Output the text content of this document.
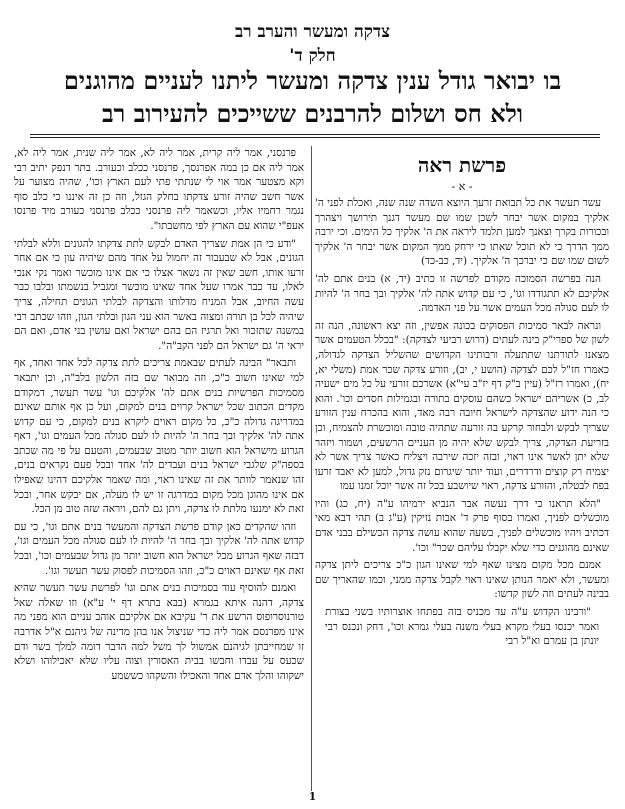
צדקה ומעשר והערב רב
חלק ד'
בו יבואר גודל ענין צדקה ומעשר ליתנו לעניים מהוגנים
ולא חס ושלום להרבנים ששייכים להעירוב רב
פרשת ראה
- א -

עשר תעשר את כל תבואת זרעך היוצא השדה שנה שנה, ואכלת לפני ה' אלקיך במקום אשר יבחר לשכן שמו שם מעשר דגנך תירושך ויצהרך ובכורות בקרך וצאנך למען תלמד ליראה את ה' אלקיך כל הימים. וכי ירבה ממך הדרך כי לא תוכל שאתו כי ירחק ממך המקום אשר יבחר ה' אלקיך לשום שמו שם כי יברכך ה' אלקיך. (יד, כב-כד)

הנה בפרשה הסמוכה מקודם לפרשה זו כתיב (יד, א) בנים אתם לה' אלקיכם לא תתגודדו וגו', כי עם קדוש אתה לה' אלקיך ובך בחר ה' להיות לו לעם סגולה מכל העמים אשר על פני האדמה.

ונראה לבאר סמיכות הפסוקים בכונה אפשין, וזה יצא ראשונה, הנה זה לשון של ספרי"ק בינה לעתים (דרוש רביעי לצדקה): "בכלל הטעמים אשר מצאנו לתורתנו שתתעלה ורבותינו הקדושים שהשליל הצדקה לגדולה, כאמרו חז"ל לכם לצדקה (הושע י, יב), וזורע צדקה שכר אמת (משלי יא, יח), ואמרו רז"ל (עיין ב"ק דף יז"ב עי"א) אשרכם זורעי על כל מים ישעיה לב, כ) אשריהם ישראל כשהם עוסקים בתורה ובגמילות חסדים וכו'. והוא כי הנה ידוע שהצדקה לישראל חיובה רבה מאד, והוא בהכרח ענין הזורע שצריך לבקש ולבחור קרקע בה זורעה שתהיה טובה ומוכשרת להצמיח, וכן בזריעת הצדקה, צריך לבקש שלא יהיה מן העניים הרשעים, ושמור ויזהר שלא יתן לאשר אינו ראוי, ובזה יזכה שירבה ויצליח כאשר צריך אשר לא יצמיח רק קוצים ודרדרים, ועוד יותר שיגרום נזק גדול, למען לא יאבד זרעו בפח לבטלה, והזורע צדקה, ראוי שיושבע בכל זה אשר יוכל זמנו עמו

"הלא תראנו כי דרך נעשה אבר הנביא ירמיהו ע"ה (יח, כג) והיו מוכשלים לפניך, ואמרו בסוף פרק ד' אבות נזיקין (ע"ג ב) תהי דבא מאי דכתיב ויהיו מוכשלים לפניך, בשעה שהוא עושה צדקה הכשילם בבני אדם שאינם מהוגנים כדי שלא יקבלו עליהם שכר" וכו'.

אמנם מכל מקום מצינו שאף למי שאינו הגון כ"כ צריכים ליתן צדקה ומעשר, ולא יאמר הנותן שאינו ראוי לקבל צדקה ממני, וכמו שהאריך שם בבינה לעתים וזה לשון קדשו:

"ורבינו הקדוש ע"ה עד מכניס בזה בפתחו אוצרותיו בשני בצורת ואמר יכנסו בעלי מקרא בעלי משנה בעלי גמרא וכו', דחק ונכנס רבי יונתן בן עמרם וא"ל רבי

פרנסני, אמר ליה קרית, אמר ליה לא, אמר ליה שנית, אמר ליה לא, אמר ליה אם כן במה אפרנסך, פרנסני ככלב וכעורב. בתר דנפק יתיב רבי וקא מצטער אמר אוי לי שנתתי פתי לעם הארץ וכו', שהיה מצוער על אשר חשב שהיה זורע צדקתו בחלק הגזל, וזה כן זה איננו כי כלב סוף נגמר רחמיו אליו, וכשאמר ליה פרנסני ככלב פרנסני כעורב מיד פרנסו אעפ"י שהוא עם הארץ לפי מחשבתו".

"ודע כי הן אמת שצריך האדם לבקש לתת צדקתו להגונים וללא לבלתי הגונים, אבל לא שבעבור זה יחמול על אחד מהם שיהיה עון כי אם אחר זרעו אותו, חשב שאין זה נשאר אצלו כי אם אינו מוכשר ואמר נקי אנכי לאלו, עד כבר אמרו שעל אחד שאינו מוכשר ומגביל בנשמתו ובלבו כבר עשה החיוב, אבל המניח מדלותו והצדקה לבלתי הגונים תחילה, צריך שיהיה לכל בן תורה ומצוה באשר הוא עני הגון ובלתי הגון, וזהו שכתב רבי במשנה שתזכור ואל תרגיז הם בהם ישראל ואם עושין בני אדם, ואם הם יראי ה' גם ישראל הם לפני הקב"ה".

ותבאר" הבינה לעתים שבאמת צריכים לתת צדקה לכל אחד ואחד, אף למי שאינו חשוב כ"כ, וזה מבואר שם בזה הלשון בלב"ה, וכן יתבאר מסמיכות הפרשיות בנים אתם לה' אלקיכם וגו' עשר תעשר, דמקודם מקדים הכתוב שכל ישראל קרוים בנים למקום, ועל כן אף אותם שאינם במדריגה גדולה כ"כ, כל מקום ראוים ליקרא בנים למקום, כי עם קדוש אתה לה' אלקיך ובך בחר ה' להיות לו לעם סגולה מכל העמים וגו', דאף הגרוע מישראל הוא חשוב יותר מטוב שבעמים, והטעם על פי מה שכתב בספה"ק שלגבי ישראל בנים ועבדים לה' אחד ובכל פעם נקראים בנים, זהו שנאמר לוותר את זה שאינו ראוי, ומה שאמר אלקיכם דהינו שאפילו אם אינו מהוגן מכל מקום במדרגה זו יש לו מעלה, אם יבקש אחר, ובכל זאת לא ימנעו מלתת לו צדקה, ויתן גם להם, ויראה שזה טוב מן הכל.

וזהו שהקדים כאן קודם פרשת הצדקה והמעשר בנים אתם וגו', כי עם קדוש אתה לה' אלקיך ובך בחר ה' להיות לו לעם סגולה מכל העמים וגו', דבזה שאף הגרוע מכל ישראל הוא חשוב יותר מן גדול שבעמים וכו', ובכל זאת אף שאינם ראוים כ"כ, וזהו הסמיכות לפסוק עשר תעשר וגו'.

ואמנם להוסיף עוד בסמיכות בנים אתם וגו' לפרשת עשר תעשר שהיא צדקה, דהנה איתא בגמרא (בבא בתרא דף י' ע"א) וזו שאלה שאל טורנוסרופוס הרשע את ר' עקיבא אם אלקיכם אוהב עניים הוא מפני מה אינו מפרנסם אמר ליה כדי שניצול אנו בהן מדינה של גיהנם א"ל אדרבה זו שמחייבתן לגיהנם אמשול לך משל למה הדבר דומה למלך בשר ודם שכעס על עבדו וחבשו בבית האסורין וצוה עליו שלא יאכילוהו ושלא ישקוהו והלך אדם אחד והאכילו והשקהו כששמע

1
